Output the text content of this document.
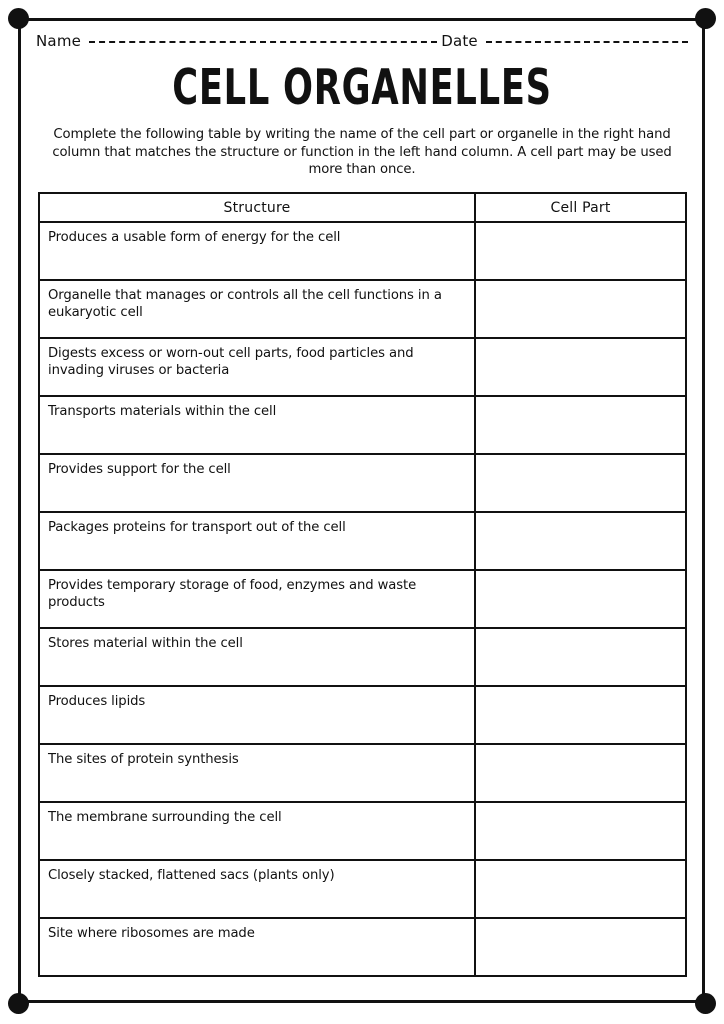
Name	Date
CELL ORGANELLES
Complete the following table by writing the name of the cell part or organelle in the right hand column that matches the structure or function in the left hand column. A cell part may be used more than once.
Structure	Cell Part
Produces a usable form of energy for the cell	
Organelle that manages or controls all the cell functions in a eukaryotic cell	
Digests excess or worn-out cell parts, food particles and invading viruses or bacteria	
Transports materials within the cell	
Provides support for the cell	
Packages proteins for transport out of the cell	
Provides temporary storage of food, enzymes and waste products	
Stores material within the cell	
Produces lipids	
The sites of protein synthesis	
The membrane surrounding the cell	
Closely stacked, flattened sacs (plants only)	
Site where ribosomes are made	
